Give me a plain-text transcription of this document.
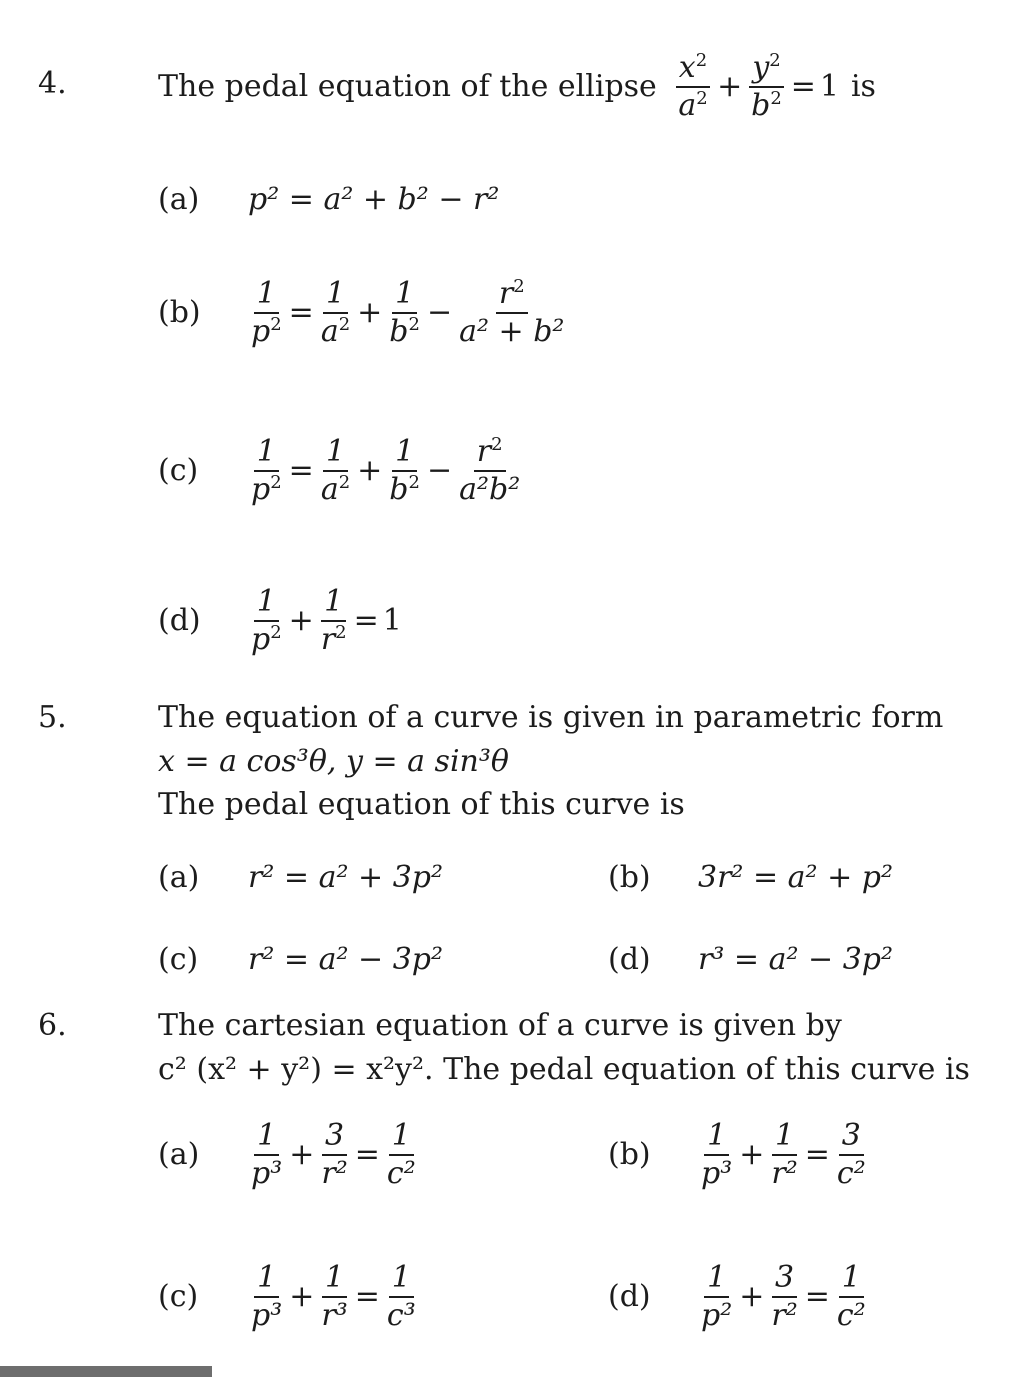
4.	The pedal equation of the ellipse $\frac{x^2}{a^2} + \frac{y^2}{b^2} = 1$ is
(a)	p² = a² + b² − r²
(b)	$\frac{1}{p^2} = \frac{1}{a^2} + \frac{1}{b^2} - \frac{r^2}{\text{a² + b²}}$
(c)	$\frac{1}{p^2} = \frac{1}{a^2} + \frac{1}{b^2} - \frac{r^2}{\text{a²b²}}$
(d)	$\frac{1}{p^2} + \frac{1}{r^2} = 1$
5.	The equation of a curve is given in parametric form
x = a cos³θ, y = a sin³θ
The pedal equation of this curve is
(a)	r² = a² + 3p²	(b)	3r² = a² + p²
(c)	r² = a² − 3p²	(d)	r³ = a² − 3p²
6.	The cartesian equation of a curve is given by
c² (x² + y²) = x²y². The pedal equation of this curve is
(a)	$\frac{1}{\text{p³}} + \frac{3}{\text{r²}} = \frac{1}{\text{c²}}$	(b)	$\frac{1}{\text{p³}} + \frac{1}{\text{r²}} = \frac{3}{\text{c²}}$
(c)	$\frac{1}{\text{p³}} + \frac{1}{\text{r³}} = \frac{1}{\text{c³}}$	(d)	$\frac{1}{\text{p²}} + \frac{3}{\text{r²}} = \frac{1}{\text{c²}}$
